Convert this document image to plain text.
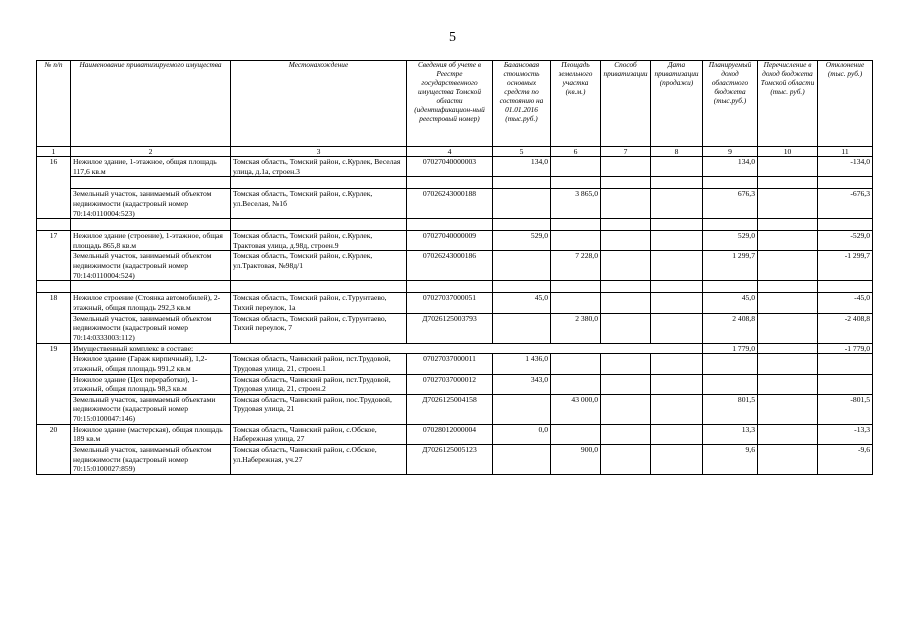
5
№ п/п	Наименование приватизируемого имущества	Местонахождение	Сведения об учете в Реестре государственного имущества Томской области (идентификацион-ный реестровый номер)	Балансовая стоимость основных средств по состоянию на 01.01.2016 (тыс.руб.)	Площадь земельного участка (кв.м.)	Способ приватизации	Дата приватизации (продажи)	Планируемый доход областного бюджета (тыс.руб.)	Перечисление в доход бюджета Томской области (тыс. руб.)	Отклонение (тыс. руб.)
1	2	3	4	5	6	7	8	9	10	11
16	Нежилое здание, 1-этажное, общая площадь 117,6 кв.м	Томская область, Томский район, с.Курлек, Веселая улица, д.1а, строен.3	07027040000003	134,0				134,0		-134,0

	Земельный участок, занимаемый объектом недвижимости (кадастровый номер 70:14:0110004:523)	Томская область, Томский район, с.Курлек, ул.Веселая, №1б	07026243000188		3 865,0			676,3		-676,3

17	Нежилое здание (строение), 1-этажное, общая площадь 865,8 кв.м	Томская область, Томский район, с.Курлек, Трактовая улица, д.98д, строен.9	07027040000009	529,0				529,0		-529,0
	Земельный участок, занимаемый объектом недвижимости (кадастровый номер 70:14:0110004:524)	Томская область, Томский район, с.Курлек, ул.Трактовая, №98д/1	07026243000186		7 228,0			1 299,7		-1 299,7

18	Нежилое строение (Стоянка автомобилей), 2-этажный, общая площадь 292,3 кв.м	Томская область, Томский район, с.Турунтаево, Тихий переулок, 1а	07027037000051	45,0				45,0		-45,0
	Земельный участок, занимаемый объектом недвижимости (кадастровый номер 70:14:0333003:112)	Томская область, Томский район, с.Турунтаево, Тихий переулок, 7	Д7026125003793		2 380,0			2 408,8		-2 408,8
19	Имущественный комплекс в составе:							1 779,0		-1 779,0
	Нежилое здание (Гараж кирпичный), 1,2-этажный, общая площадь 991,2 кв.м	Томская область, Чаинский район, пст.Трудовой, Трудовая улица, 21, строен.1	07027037000011	1 436,0						
	Нежилое здание (Цех переработки), 1-этажный, общая площадь 98,3 кв.м	Томская область, Чаинский район, пст.Трудовой, Трудовая улица, 21, строен.2	07027037000012	343,0						
	Земельный участок, занимаемый объектами недвижимости (кадастровый номер 70:15:0100047:146)	Томская область, Чаинский район, пос.Трудовой, Трудовая улица, 21	Д7026125004158		43 000,0			801,5		-801,5
20	Нежилое здание (мастерская), общая площадь 189 кв.м	Томская область, Чаинский район, с.Обское, Набережная улица, 27	07028012000004	0,0				13,3		-13,3
	Земельный участок, занимаемый объектом недвижимости (кадастровый номер 70:15:0100027:859)	Томская область, Чаинский район, с.Обское, ул.Набережная, уч.27	Д7026125005123		900,0			9,6		-9,6
